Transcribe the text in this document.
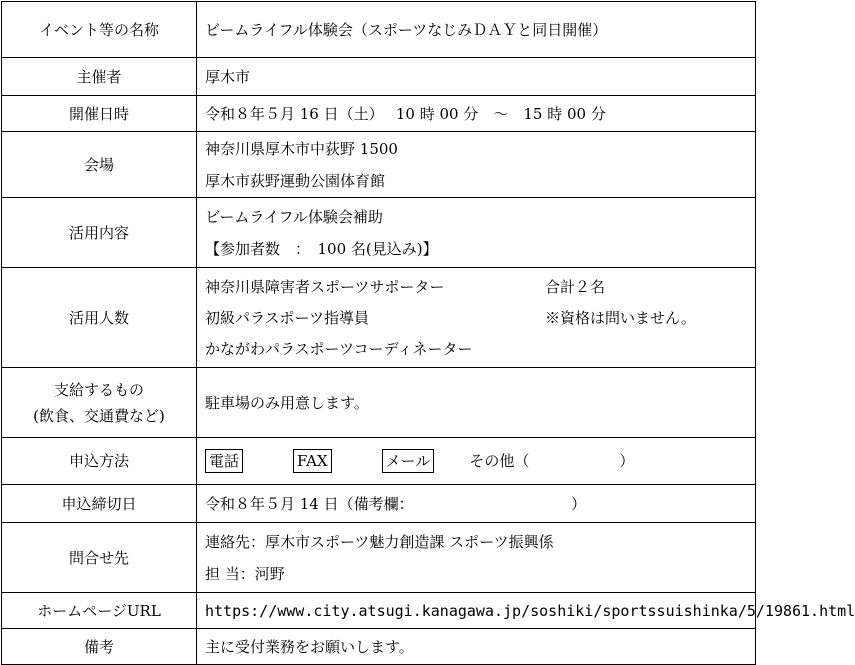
イベント等の名称	ビームライフル体験会（スポーツなじみＤＡＹと同日開催）
主催者	厚木市
開催日時	令和８年５月 16 日（土）　 10 時 00 分　～　15 時 00 分
会場	神奈川県厚木市中荻野 1500
厚木市荻野運動公園体育館

活用内容	ビームライフル体験会補助
【参加者数　：　100 名(見込み)】

活用人数	神奈川県障害者スポーツサポーター 合計２名
初級パラスポーツ指導員 ※資格は問いません。
かながわパラスポーツコーディネーター

支給するもの
(飲食、交通費など)	駐車場のみ用意します。
申込方法	電話 FAX メール その他（　　　　　　）
申込締切日	令和８年５月 14 日（備考欄：　　　　　　　　　　　）
問合せ先	連絡先：厚木市スポーツ魅力創造課 スポーツ振興係
担 当：河野

ホームページURL	https://www.city.atsugi.kanagawa.jp/soshiki/sportssuishinka/5/19861.html
備考	主に受付業務をお願いします。
